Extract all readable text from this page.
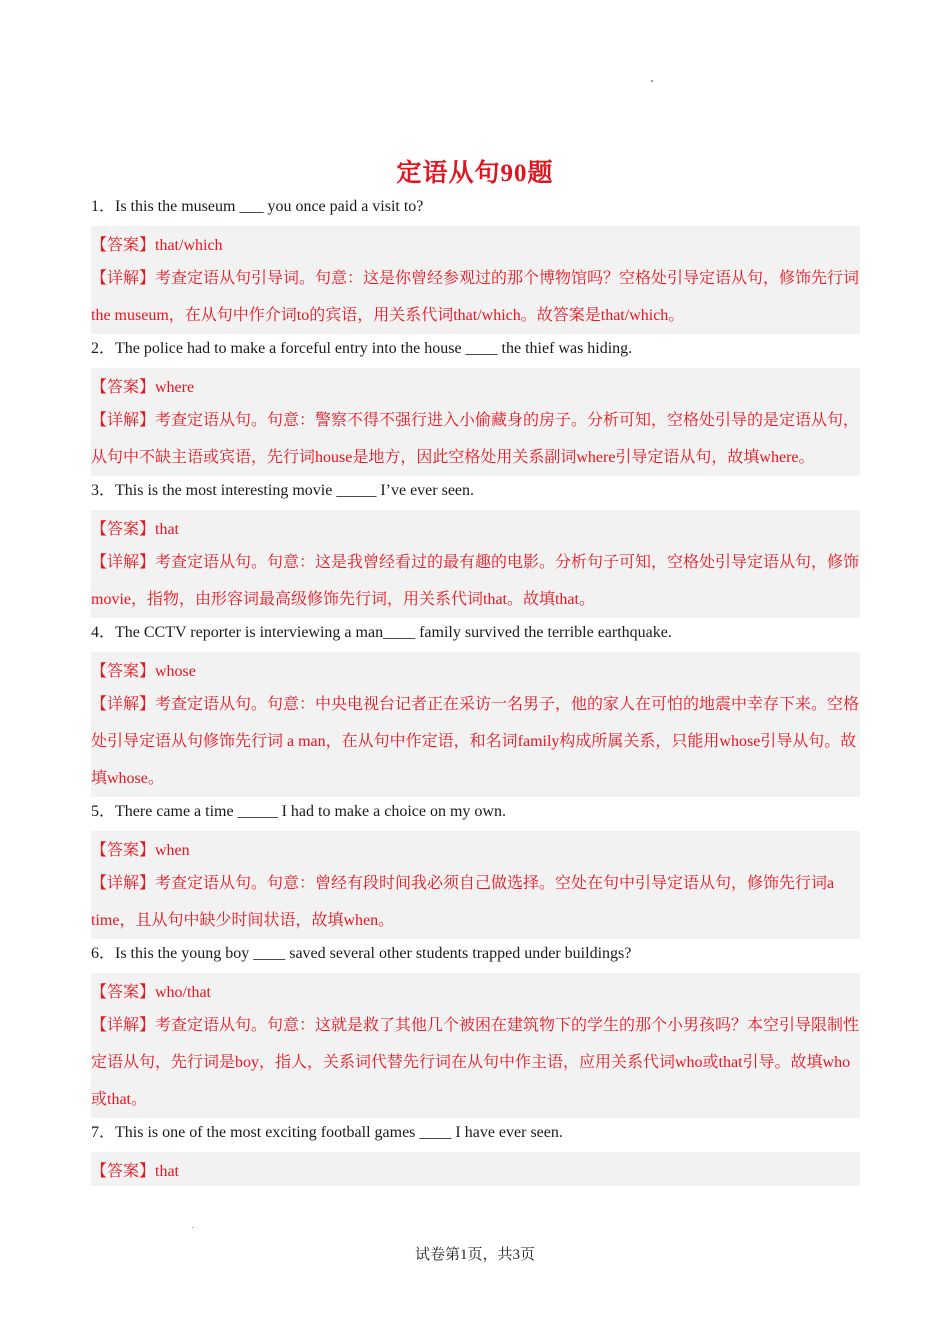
定语从句90题
1．Is this the museum ___ you once paid a visit to?
【答案】that/which
【详解】考查定语从句引导词。句意：这是你曾经参观过的那个博物馆吗？空格处引导定语从句，修饰先行词the museum，在从句中作介词to的宾语，用关系代词that/which。故答案是that/which。
2．The police had to make a forceful entry into the house ____ the thief was hiding.
【答案】where
【详解】考查定语从句。句意：警察不得不强行进入小偷藏身的房子。分析可知，空格处引导的是定语从句，从句中不缺主语或宾语，先行词house是地方，因此空格处用关系副词where引导定语从句，故填where。
3．This is the most interesting movie _____ I’ve ever seen.
【答案】that
【详解】考查定语从句。句意：这是我曾经看过的最有趣的电影。分析句子可知，空格处引导定语从句，修饰movie，指物，由形容词最高级修饰先行词，用关系代词that。故填that。
4．The CCTV reporter is interviewing a man____ family survived the terrible earthquake.
【答案】whose
【详解】考查定语从句。句意：中央电视台记者正在采访一名男子，他的家人在可怕的地震中幸存下来。空格处引导定语从句修饰先行词 a man，在从句中作定语，和名词family构成所属关系，只能用whose引导从句。故填whose。
5．There came a time _____ I had to make a choice on my own.
【答案】when
【详解】考查定语从句。句意：曾经有段时间我必须自己做选择。空处在句中引导定语从句，修饰先行词a time，且从句中缺少时间状语，故填when。
6．Is this the young boy ____ saved several other students trapped under buildings?
【答案】who/that
【详解】考查定语从句。句意：这就是救了其他几个被困在建筑物下的学生的那个小男孩吗？本空引导限制性定语从句，先行词是boy，指人，关系词代替先行词在从句中作主语，应用关系代词who或that引导。故填who或that。
7．This is one of the most exciting football games ____ I have ever seen.
【答案】that
试卷第1页，共3页
